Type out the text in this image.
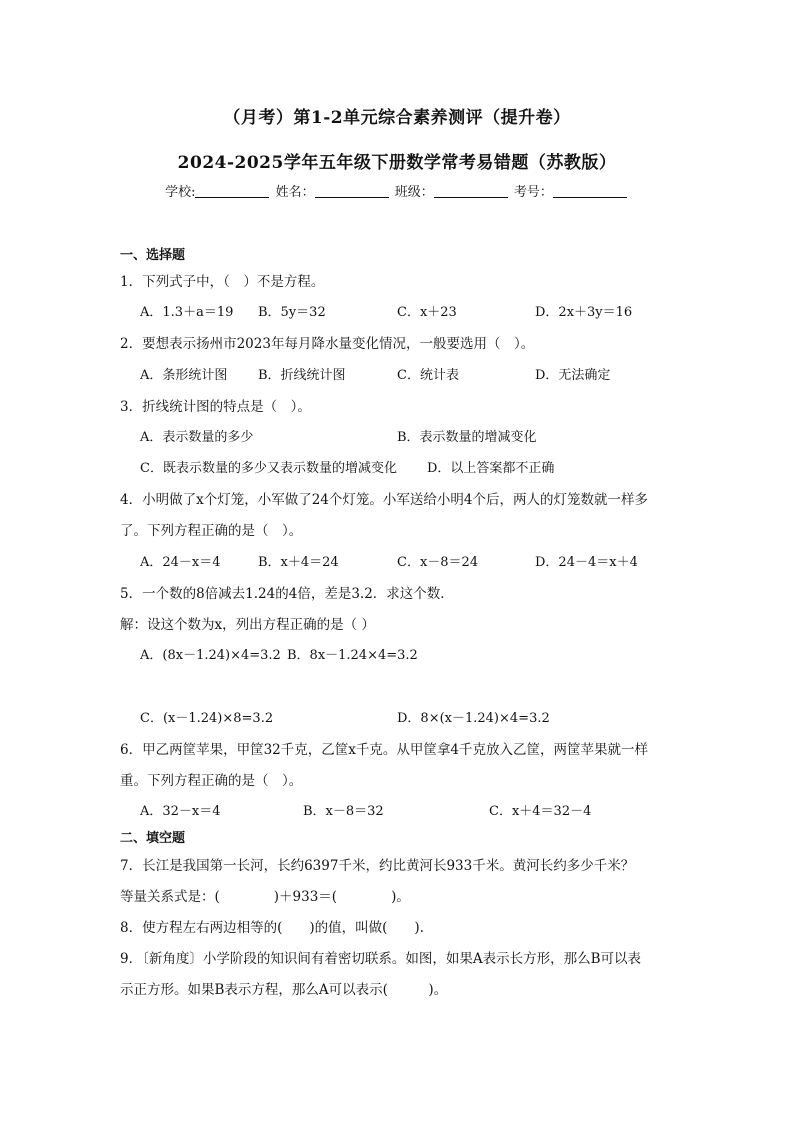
（月考）第1-2单元综合素养测评（提升卷）
2024-2025学年五年级下册数学常考易错题（苏教版）
学校:	姓名：	班级：	考号：
一、选择题
1．下列式子中，（　）不是方程。
A．1.3＋a＝19 B．5y＝32	C．x＋23	D．2x＋3y＝16
2．要想表示扬州市2023年每月降水量变化情况，一般要选用（　）。
A．条形统计图 B．折线统计图	C．统计表	D．无法确定
3．折线统计图的特点是（　）。
A．表示数量的多少	B．表示数量的增减变化
C．既表示数量的多少又表示数量的增减变化 D．以上答案都不正确
4．小明做了x个灯笼，小军做了24个灯笼。小军送给小明4个后，两人的灯笼数就一样多
了。下列方程正确的是（　）。
A．24－x＝4	B．x＋4＝24	C．x－8＝24	D．24－4＝x＋4
5．一个数的8倍减去1.24的4倍，差是3.2．求这个数．
解：设这个数为x，列出方程正确的是（ ）
A．(8x－1.24)×4=3.2 B．8x－1.24×4=3.2
C．(x－1.24)×8=3.2	D．8×(x－1.24)×4=3.2
6．甲乙两筐苹果，甲筐32千克，乙筐x千克。从甲筐拿4千克放入乙筐，两筐苹果就一样
重。下列方程正确的是（　）。
A．32－x＝4	B．x－8＝32	C．x＋4＝32－4
二、填空题
7．长江是我国第一长河，长约6397千米，约比黄河长933千米。黄河长约多少千米？
等量关系式是：(　　　　)＋933＝(　　　　)。
8．使方程左右两边相等的(　　)的值，叫做(　　).
9．〔新角度〕小学阶段的知识间有着密切联系。如图，如果A表示长方形，那么B可以表
示正方形。如果B表示方程，那么A可以表示(　　　)。
